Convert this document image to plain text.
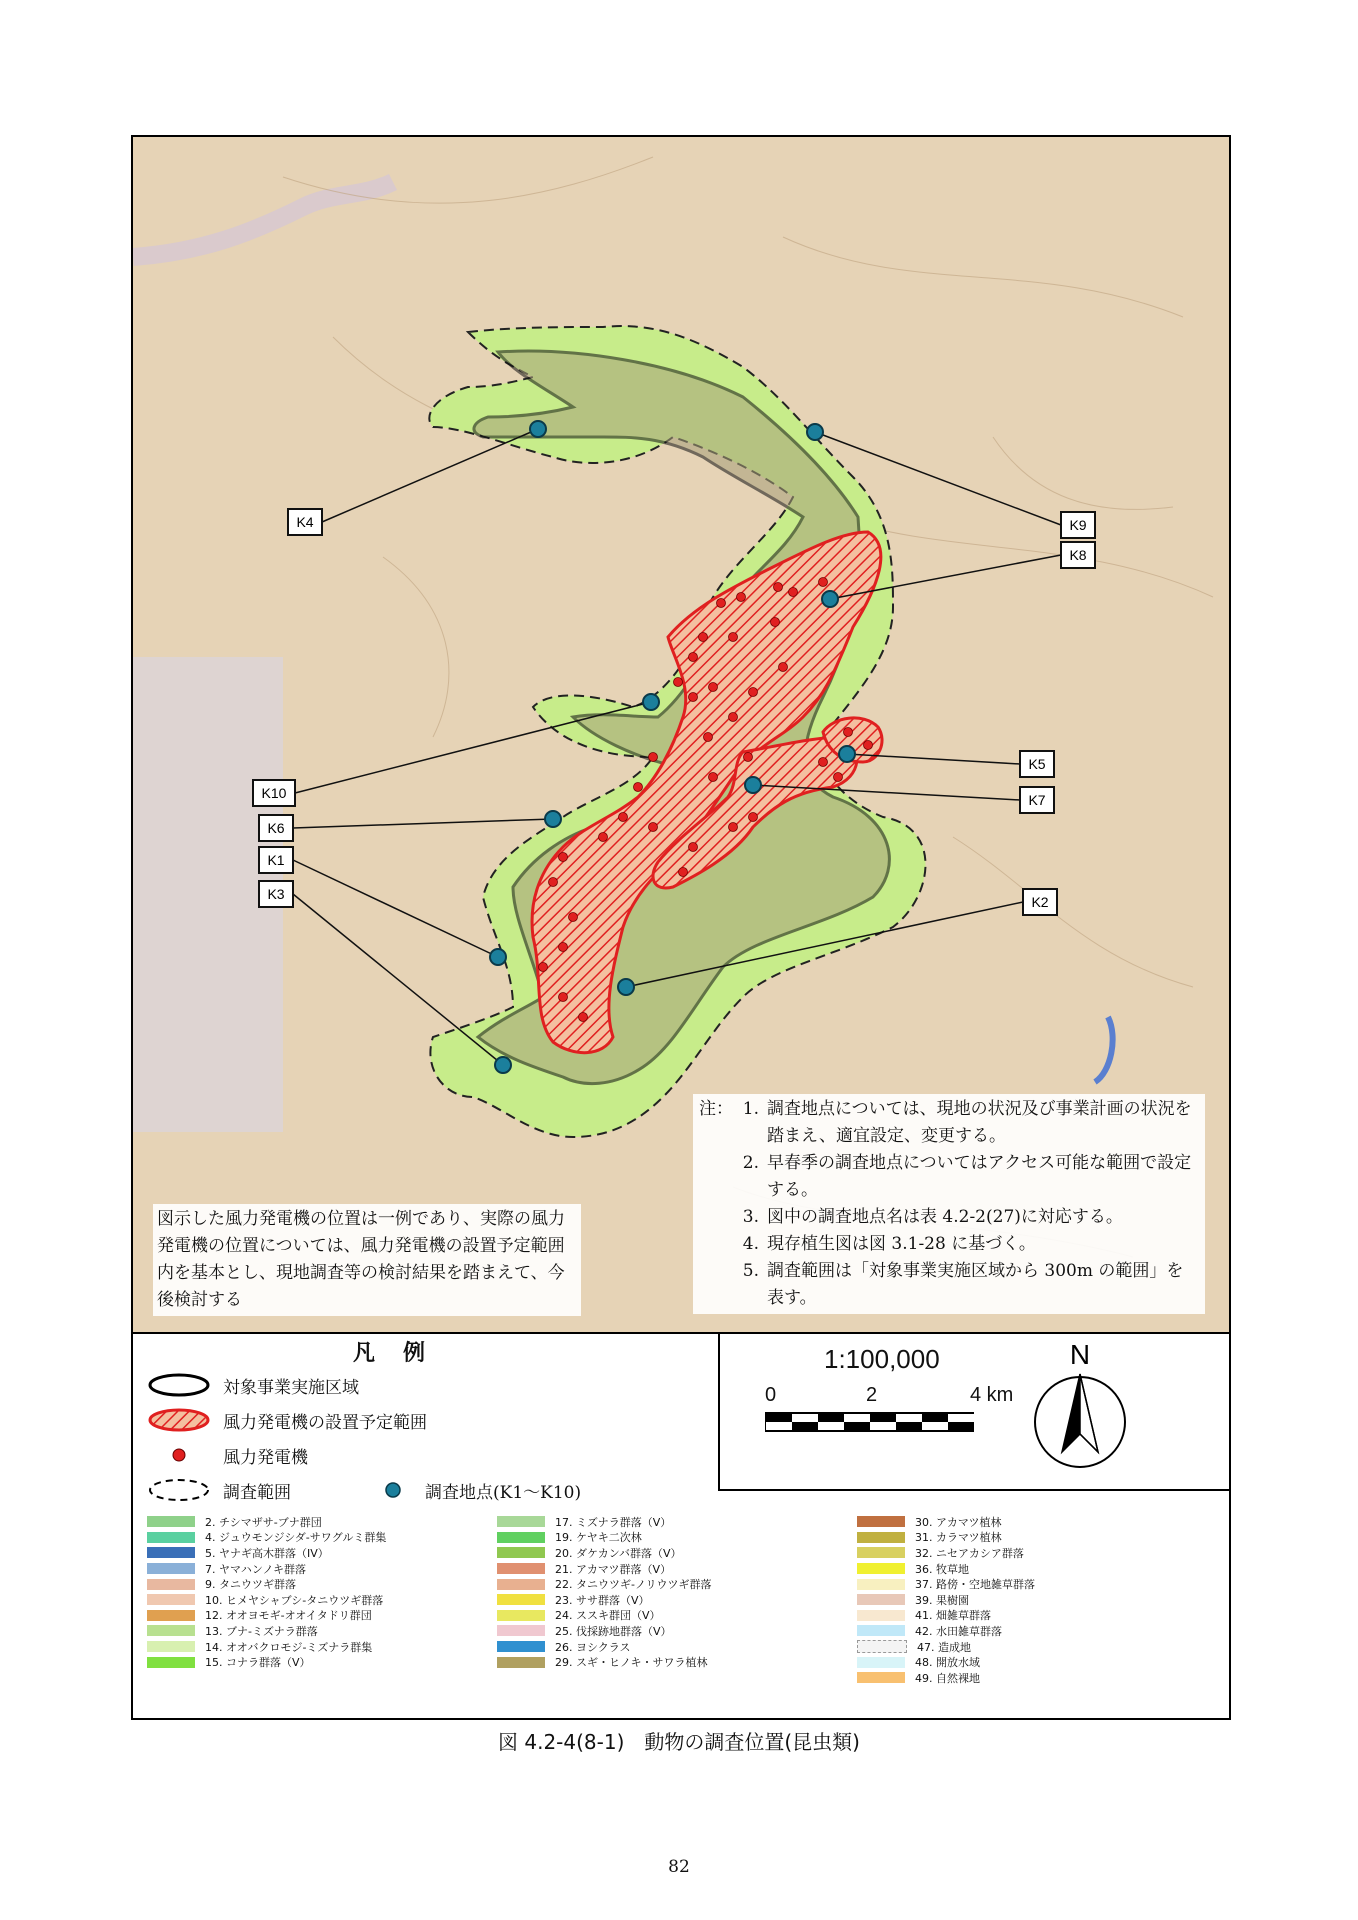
K1
K2
K3
K4
K5
K6
K7
K8
K9
K10
図示した風力発電機の位置は一例であり、実際の風力発電機の位置については、風力発電機の設置予定範囲内を基本とし、現地調査等の検討結果を踏まえて、今後検討する
注： 1. 調査地点については、現地の状況及び事業計画の状況を踏まえ、適宜設定、変更する。
2. 早春季の調査地点についてはアクセス可能な範囲で設定する。
3. 図中の調査地点名は表 4.2-2(27)に対応する。
4. 現存植生図は図 3.1-28 に基づく。
5. 調査範囲は「対象事業実施区域から 300m の範囲」を表す。
凡例
対象事業実施区域
風力発電機の設置予定範囲
風力発電機
調査範囲	調査地点(K1～K10)
1:100,000
0	2	4 km
N
2. チシマザサ-ブナ群団
4. ジュウモンジシダ-サワグルミ群集
5. ヤナギ高木群落（IV）
7. ヤマハンノキ群落
9. タニウツギ群落
10. ヒメヤシャブシ-タニウツギ群落
12. オオヨモギ-オオイタドリ群団
13. ブナ-ミズナラ群落
14. オオバクロモジ-ミズナラ群集
15. コナラ群落（V）
17. ミズナラ群落（V）
19. ケヤキ二次林
20. ダケカンバ群落（V）
21. アカマツ群落（V）
22. タニウツギ-ノリウツギ群落
23. ササ群落（V）
24. ススキ群団（V）
25. 伐採跡地群落（V）
26. ヨシクラス
29. スギ・ヒノキ・サワラ植林
30. アカマツ植林
31. カラマツ植林
32. ニセアカシア群落
36. 牧草地
37. 路傍・空地雑草群落
39. 果樹園
41. 畑雑草群落
42. 水田雑草群落
47. 造成地
48. 開放水域
49. 自然裸地
図 4.2-4(8-1)　動物の調査位置(昆虫類)
82
